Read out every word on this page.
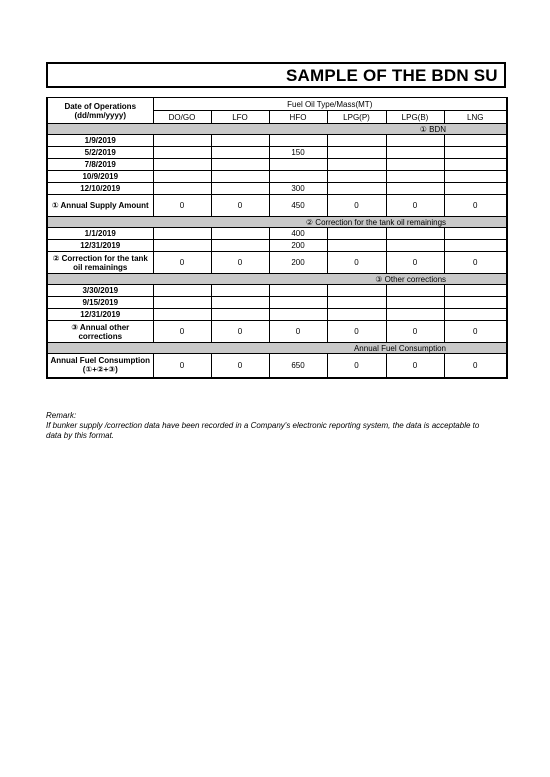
SAMPLE OF THE BDN SU
Date of Operations (dd/mm/yyyy)	Fuel Oil Type/Mass(MT)					
	DO/GO	LFO	HFO	LPG(P)	LPG(B)	LNG
① BDN						
1/9/2019						
5/2/2019			150			
7/8/2019						
10/9/2019						
12/10/2019			300			
① Annual Supply Amount	0	0	450	0	0	0
② Correction for the tank oil remainings						
1/1/2019			400			
12/31/2019			200			
② Correction for the tank oil remainings	0	0	200	0	0	0
③ Other corrections						
3/30/2019						
9/15/2019						
12/31/2019						
③ Annual other corrections	0	0	0	0	0	0
Annual Fuel Consumption						
Annual Fuel Consumption (①+②+③)	0	0	650	0	0	0
Remark:
If bunker supply /correction data have been recorded in a Company's electronic reporting system, the data is acceptable to
data by this format.
